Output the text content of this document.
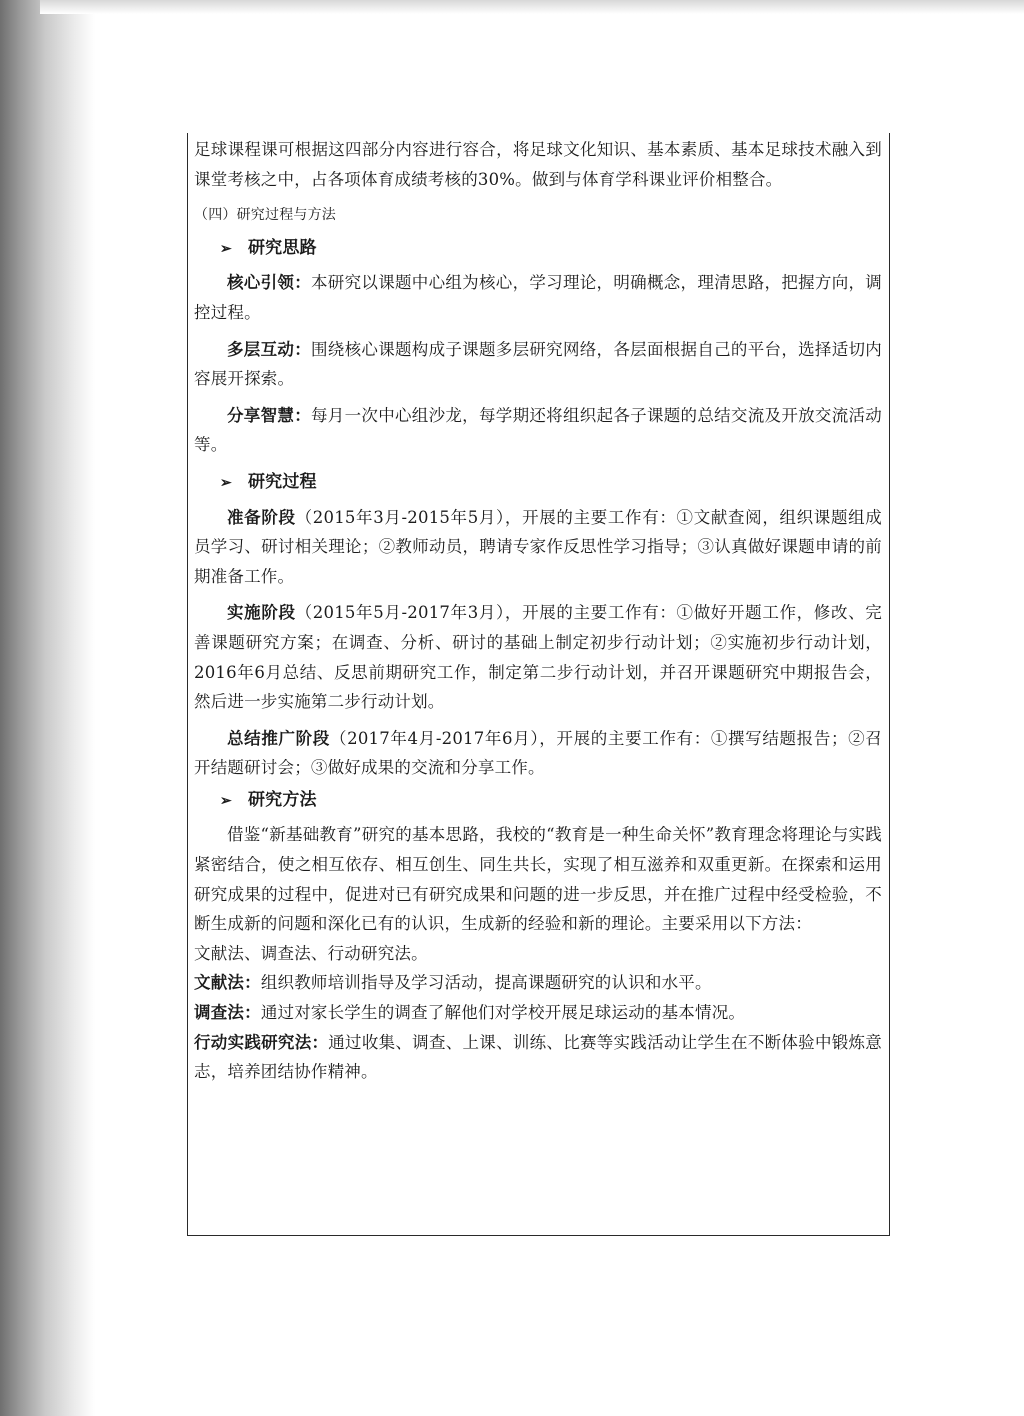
足球课程课可根据这四部分内容进行容合，将足球文化知识、基本素质、基本足球技术融入到课堂考核之中，占各项体育成绩考核的30%。做到与体育学科课业评价相整合。

（四）研究过程与方法

➢ 研究思路

核心引领：本研究以课题中心组为核心，学习理论，明确概念，理清思路，把握方向，调控过程。

多层互动：围绕核心课题构成子课题多层研究网络，各层面根据自己的平台，选择适切内容展开探索。

分享智慧：每月一次中心组沙龙，每学期还将组织起各子课题的总结交流及开放交流活动等。

➢ 研究过程

准备阶段（2015年3月-2015年5月），开展的主要工作有：①文献查阅，组织课题组成员学习、研讨相关理论；②教师动员，聘请专家作反思性学习指导；③认真做好课题申请的前期准备工作。

实施阶段（2015年5月-2017年3月），开展的主要工作有：①做好开题工作，修改、完善课题研究方案；在调查、分析、研讨的基础上制定初步行动计划；②实施初步行动计划，2016年6月总结、反思前期研究工作，制定第二步行动计划，并召开课题研究中期报告会，然后进一步实施第二步行动计划。

总结推广阶段（2017年4月-2017年6月），开展的主要工作有：①撰写结题报告；②召开结题研讨会；③做好成果的交流和分享工作。

➢ 研究方法

借鉴“新基础教育”研究的基本思路，我校的“教育是一种生命关怀”教育理念将理论与实践紧密结合，使之相互依存、相互创生、同生共长，实现了相互滋养和双重更新。在探索和运用研究成果的过程中，促进对已有研究成果和问题的进一步反思，并在推广过程中经受检验，不断生成新的问题和深化已有的认识，生成新的经验和新的理论。主要采用以下方法：

文献法、调查法、行动研究法。

文献法：组织教师培训指导及学习活动，提高课题研究的认识和水平。

调查法：通过对家长学生的调查了解他们对学校开展足球运动的基本情况。

行动实践研究法：通过收集、调查、上课、训练、比赛等实践活动让学生在不断体验中锻炼意志，培养团结协作精神。
